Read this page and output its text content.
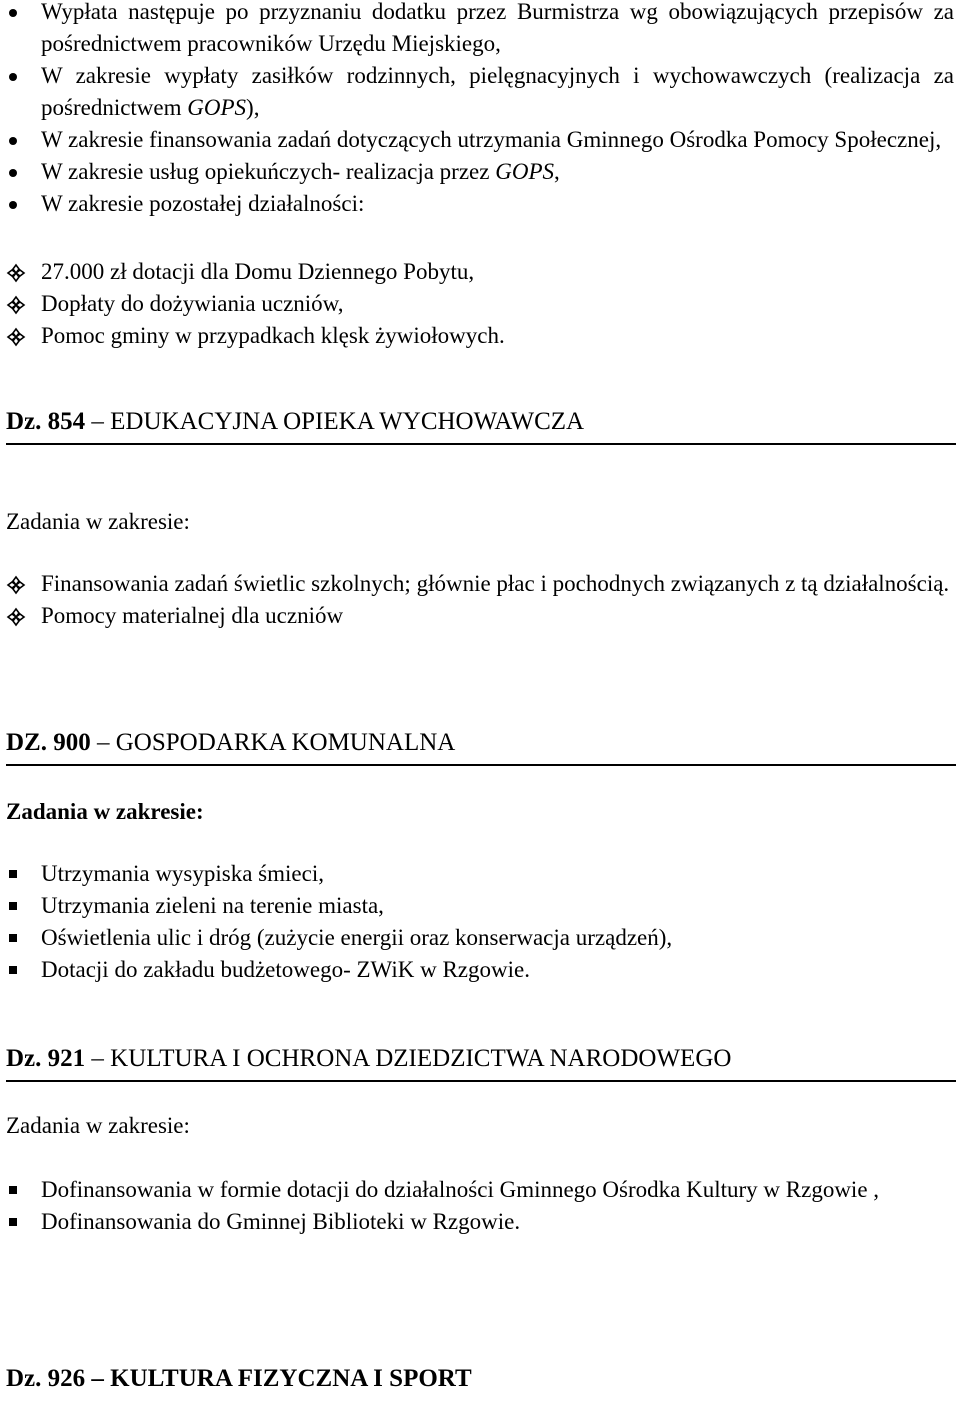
Wypłata następuje po przyznaniu dodatku przez Burmistrza wg obowiązujących przepisów za pośrednictwem pracowników Urzędu Miejskiego,
W zakresie wypłaty zasiłków rodzinnych, pielęgnacyjnych i wychowawczych (realizacja za pośrednictwem GOPS),
W zakresie finansowania zadań dotyczących utrzymania Gminnego Ośrodka Pomocy Społecznej,
W zakresie usług opiekuńczych- realizacja przez GOPS,
W zakresie pozostałej działalności:
27.000 zł dotacji dla Domu Dziennego Pobytu,
Dopłaty do dożywiania uczniów,
Pomoc gminy w przypadkach klęsk żywiołowych.
Dz. 854 – EDUKACYJNA OPIEKA WYCHOWAWCZA
Zadania w zakresie:
Finansowania zadań świetlic szkolnych; głównie płac i pochodnych związanych z tą działalnością.
Pomocy materialnej dla uczniów
DZ. 900 – GOSPODARKA KOMUNALNA
Zadania w zakresie:
Utrzymania wysypiska śmieci,
Utrzymania zieleni na terenie miasta,
Oświetlenia ulic i dróg (zużycie energii oraz konserwacja urządzeń),
Dotacji do zakładu budżetowego- ZWiK w Rzgowie.
Dz. 921 – KULTURA I OCHRONA DZIEDZICTWA NARODOWEGO
Zadania w zakresie:
Dofinansowania w formie dotacji do działalności Gminnego Ośrodka Kultury w Rzgowie ,
Dofinansowania do Gminnej Biblioteki w Rzgowie.
Dz. 926 – KULTURA FIZYCZNA I SPORT
